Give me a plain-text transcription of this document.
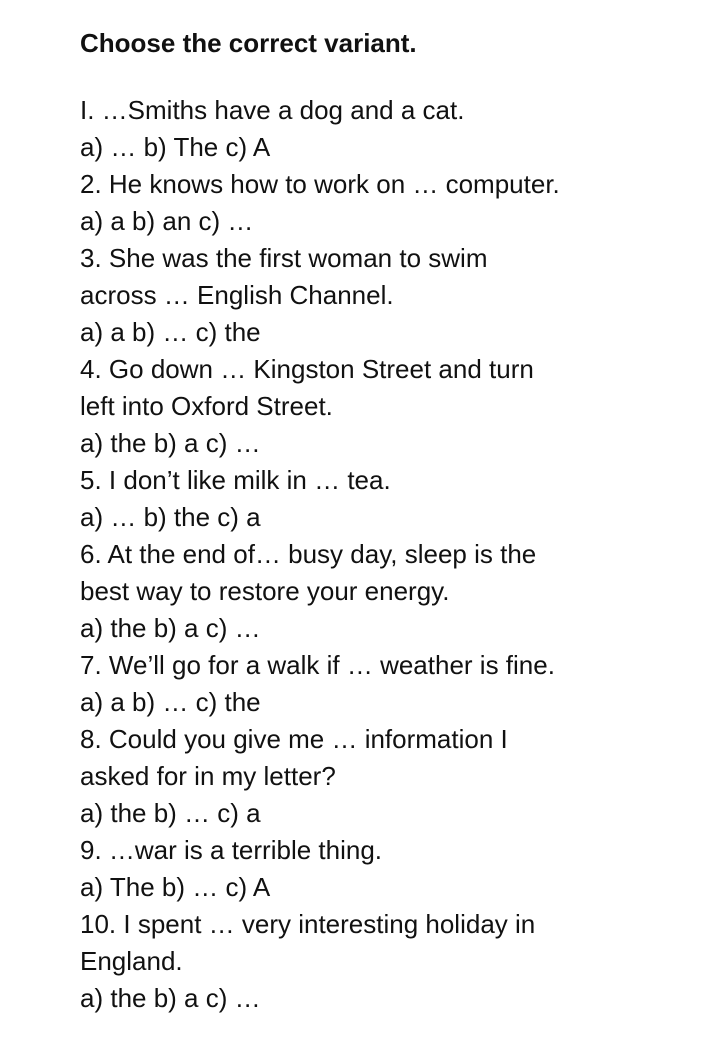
Choose the correct variant.
I. …Smiths have a dog and a cat.
a) … b) The c) A
2. He knows how to work on … computer.
a) a b) an c) …
3. She was the first woman to swim
across … English Channel.
a) a b) … c) the
4. Go down … Kingston Street and turn
left into Oxford Street.
a) the b) a c) …
5. I don’t like milk in … tea.
a) … b) the c) a
6. At the end of… busy day, sleep is the
best way to restore your energy.
a) the b) a c) …
7. We’ll go for a walk if … weather is fine.
a) a b) … c) the
8. Could you give me … information I
asked for in my letter?
a) the b) … c) a
9. …war is a terrible thing.
a) The b) … c) A
10. I spent … very interesting holiday in
England.
a) the b) a c) …
